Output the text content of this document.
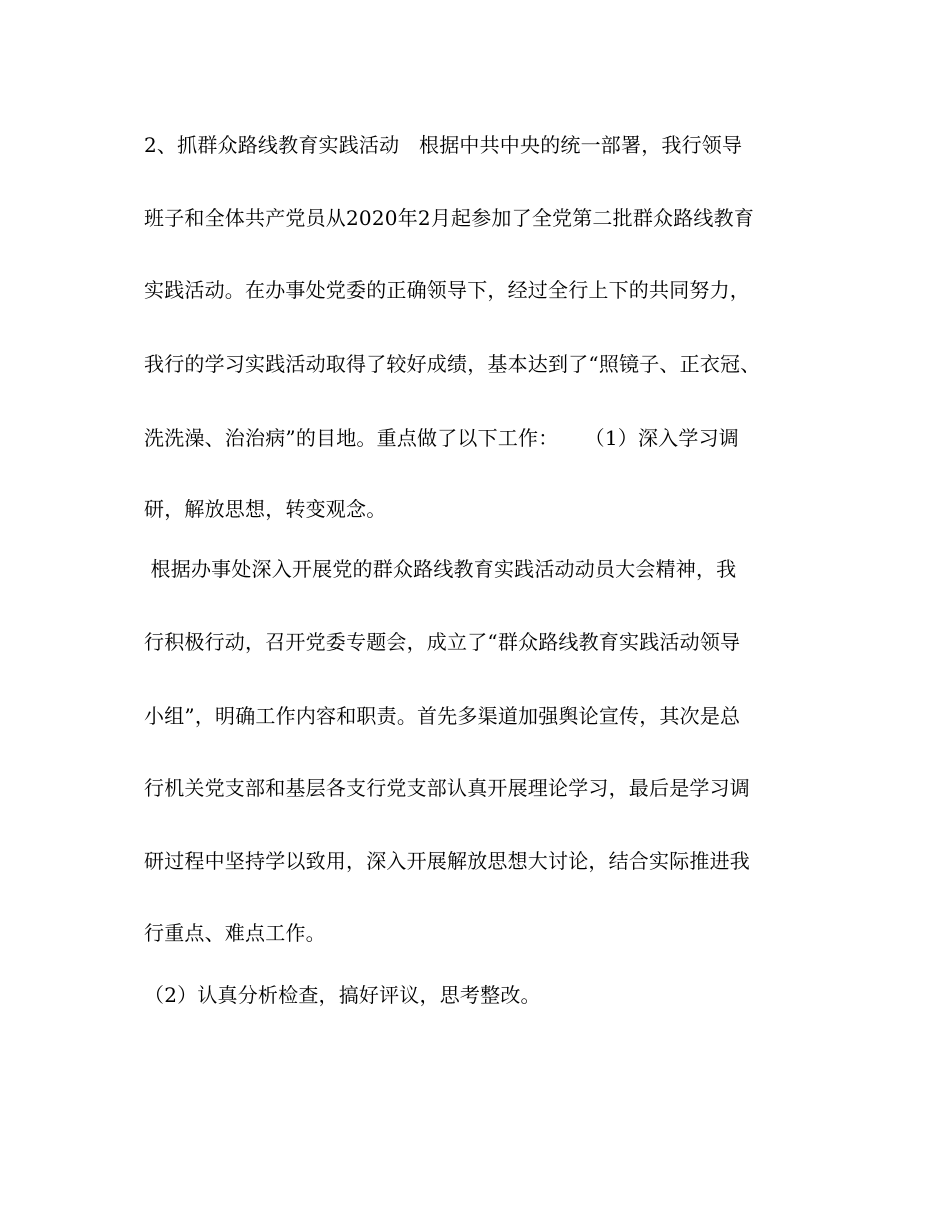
2、抓群众路线教育实践活动   根据中共中央的统一部署，我行领导
班子和全体共产党员从2020年2月起参加了全党第二批群众路线教育
实践活动。在办事处党委的正确领导下，经过全行上下的共同努力，
我行的学习实践活动取得了较好成绩，基本达到了“照镜子、正衣冠、
洗洗澡、治治病”的目地。重点做了以下工作：    （1）深入学习调
研，解放思想，转变观念。
根据办事处深入开展党的群众路线教育实践活动动员大会精神，我
行积极行动，召开党委专题会，成立了“群众路线教育实践活动领导
小组”，明确工作内容和职责。首先多渠道加强舆论宣传，其次是总
行机关党支部和基层各支行党支部认真开展理论学习，最后是学习调
研过程中坚持学以致用，深入开展解放思想大讨论，结合实际推进我
行重点、难点工作。
（2）认真分析检查，搞好评议，思考整改。
